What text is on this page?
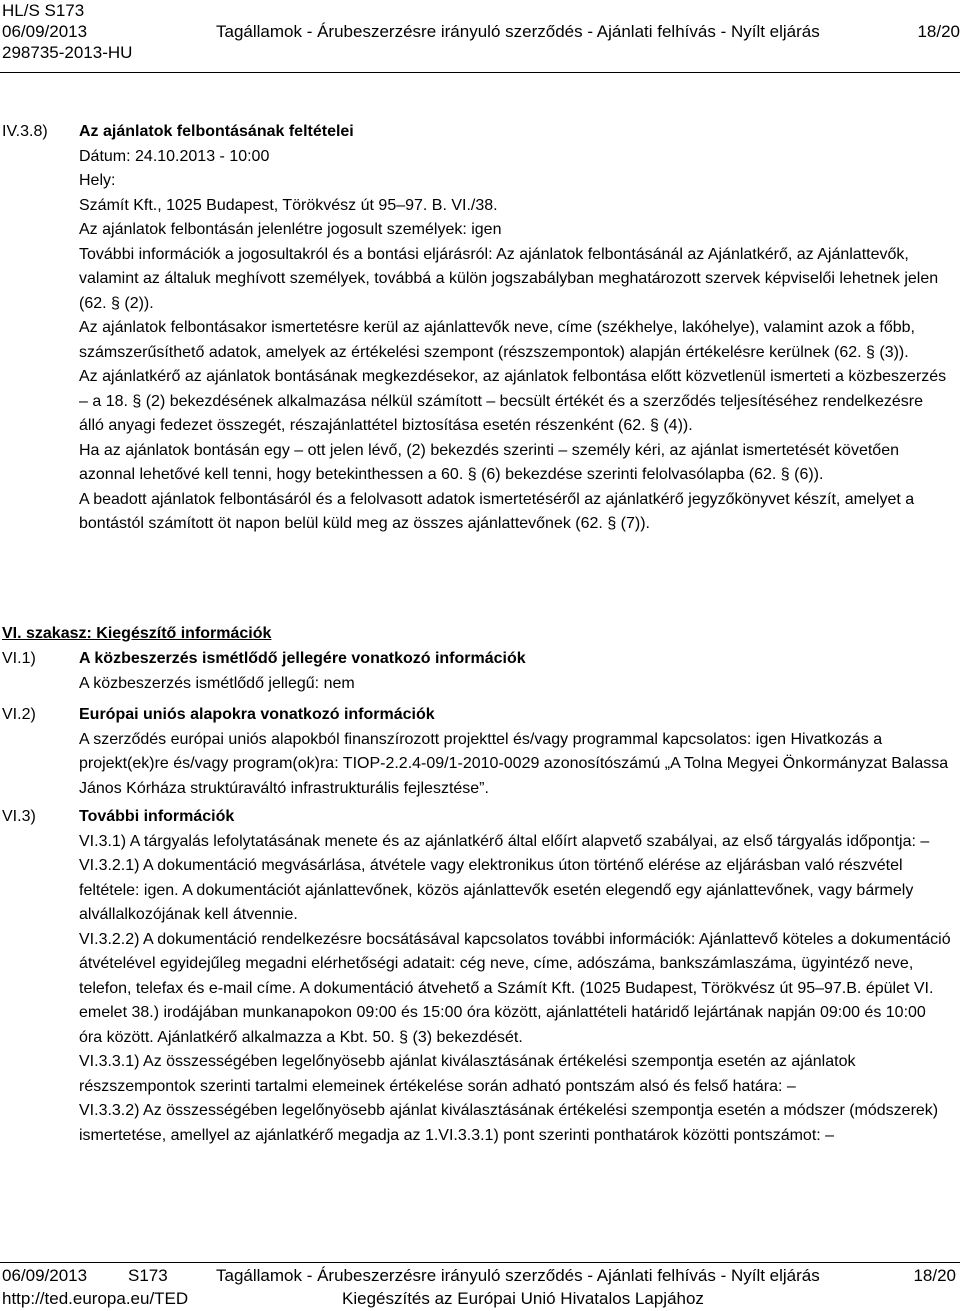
HL/S S173
06/09/2013	Tagállamok - Árubeszerzésre irányuló szerződés - Ajánlati felhívás - Nyílt eljárás	18/20
298735-2013-HU
IV.3.8)	Az ajánlatok felbontásának feltételei

Dátum: 24.10.2013 - 10:00

Hely:

Számít Kft., 1025 Budapest, Törökvész út 95–97. B. VI./38.

Az ajánlatok felbontásán jelenlétre jogosult személyek: igen

További információk a jogosultakról és a bontási eljárásról: Az ajánlatok felbontásánál az Ajánlatkérő, az Ajánlattevők, valamint az általuk meghívott személyek, továbbá a külön jogszabályban meghatározott szervek képviselői lehetnek jelen (62. § (2)).

Az ajánlatok felbontásakor ismertetésre kerül az ajánlattevők neve, címe (székhelye, lakóhelye), valamint azok a főbb, számszerűsíthető adatok, amelyek az értékelési szempont (részszempontok) alapján értékelésre kerülnek (62. § (3)).

Az ajánlatkérő az ajánlatok bontásának megkezdésekor, az ajánlatok felbontása előtt közvetlenül ismerteti a közbeszerzés – a 18. § (2) bekezdésének alkalmazása nélkül számított – becsült értékét és a szerződés teljesítéséhez rendelkezésre álló anyagi fedezet összegét, részajánlattétel biztosítása esetén részenként (62. § (4)).

Ha az ajánlatok bontásán egy – ott jelen lévő, (2) bekezdés szerinti – személy kéri, az ajánlat ismertetését követően azonnal lehetővé kell tenni, hogy betekinthessen a 60. § (6) bekezdése szerinti felolvasólapba (62. § (6)).

A beadott ajánlatok felbontásáról és a felolvasott adatok ismertetéséről az ajánlatkérő jegyzőkönyvet készít, amelyet a bontástól számított öt napon belül küld meg az összes ajánlattevőnek (62. § (7)).

VI. szakasz: Kiegészítő információk
VI.1)	A közbeszerzés ismétlődő jellegére vonatkozó információk

A közbeszerzés ismétlődő jellegű: nem

VI.2)	Európai uniós alapokra vonatkozó információk

A szerződés európai uniós alapokból finanszírozott projekttel és/vagy programmal kapcsolatos: igen Hivatkozás a projekt(ek)re és/vagy program(ok)ra: TIOP-2.2.4-09/1-2010-0029 azonosítószámú „A Tolna Megyei Önkormányzat Balassa János Kórháza struktúraváltó infrastrukturális fejlesztése”.

VI.3)	További információk

VI.3.1) A tárgyalás lefolytatásának menete és az ajánlatkérő által előírt alapvető szabályai, az első tárgyalás időpontja: –

VI.3.2.1) A dokumentáció megvásárlása, átvétele vagy elektronikus úton történő elérése az eljárásban való részvétel feltétele: igen. A dokumentációt ajánlattevőnek, közös ajánlattevők esetén elegendő egy ajánlattevőnek, vagy bármely alvállalkozójának kell átvennie.

VI.3.2.2) A dokumentáció rendelkezésre bocsátásával kapcsolatos további információk: Ajánlattevő köteles a dokumentáció átvételével egyidejűleg megadni elérhetőségi adatait: cég neve, címe, adószáma, bankszámlaszáma, ügyintéző neve, telefon, telefax és e-mail címe. A dokumentáció átvehető a Számít Kft. (1025 Budapest, Törökvész út 95–97.B. épület VI. emelet 38.) irodájában munkanapokon 09:00 és 15:00 óra között, ajánlattételi határidő lejártának napján 09:00 és 10:00 óra között. Ajánlatkérő alkalmazza a Kbt. 50. § (3) bekezdését.

VI.3.3.1) Az összességében legelőnyösebb ajánlat kiválasztásának értékelési szempontja esetén az ajánlatok részszempontok szerinti tartalmi elemeinek értékelése során adható pontszám alsó és felső határa: –

VI.3.3.2) Az összességében legelőnyösebb ajánlat kiválasztásának értékelési szempontja esetén a módszer (módszerek) ismertetése, amellyel az ajánlatkérő megadja az 1.VI.3.3.1) pont szerinti ponthatárok közötti pontszámot: –

06/09/2013 S173	Tagállamok - Árubeszerzésre irányuló szerződés - Ajánlati felhívás - Nyílt eljárás	18/20
http://ted.europa.eu/TED	Kiegészítés az Európai Unió Hivatalos Lapjához
